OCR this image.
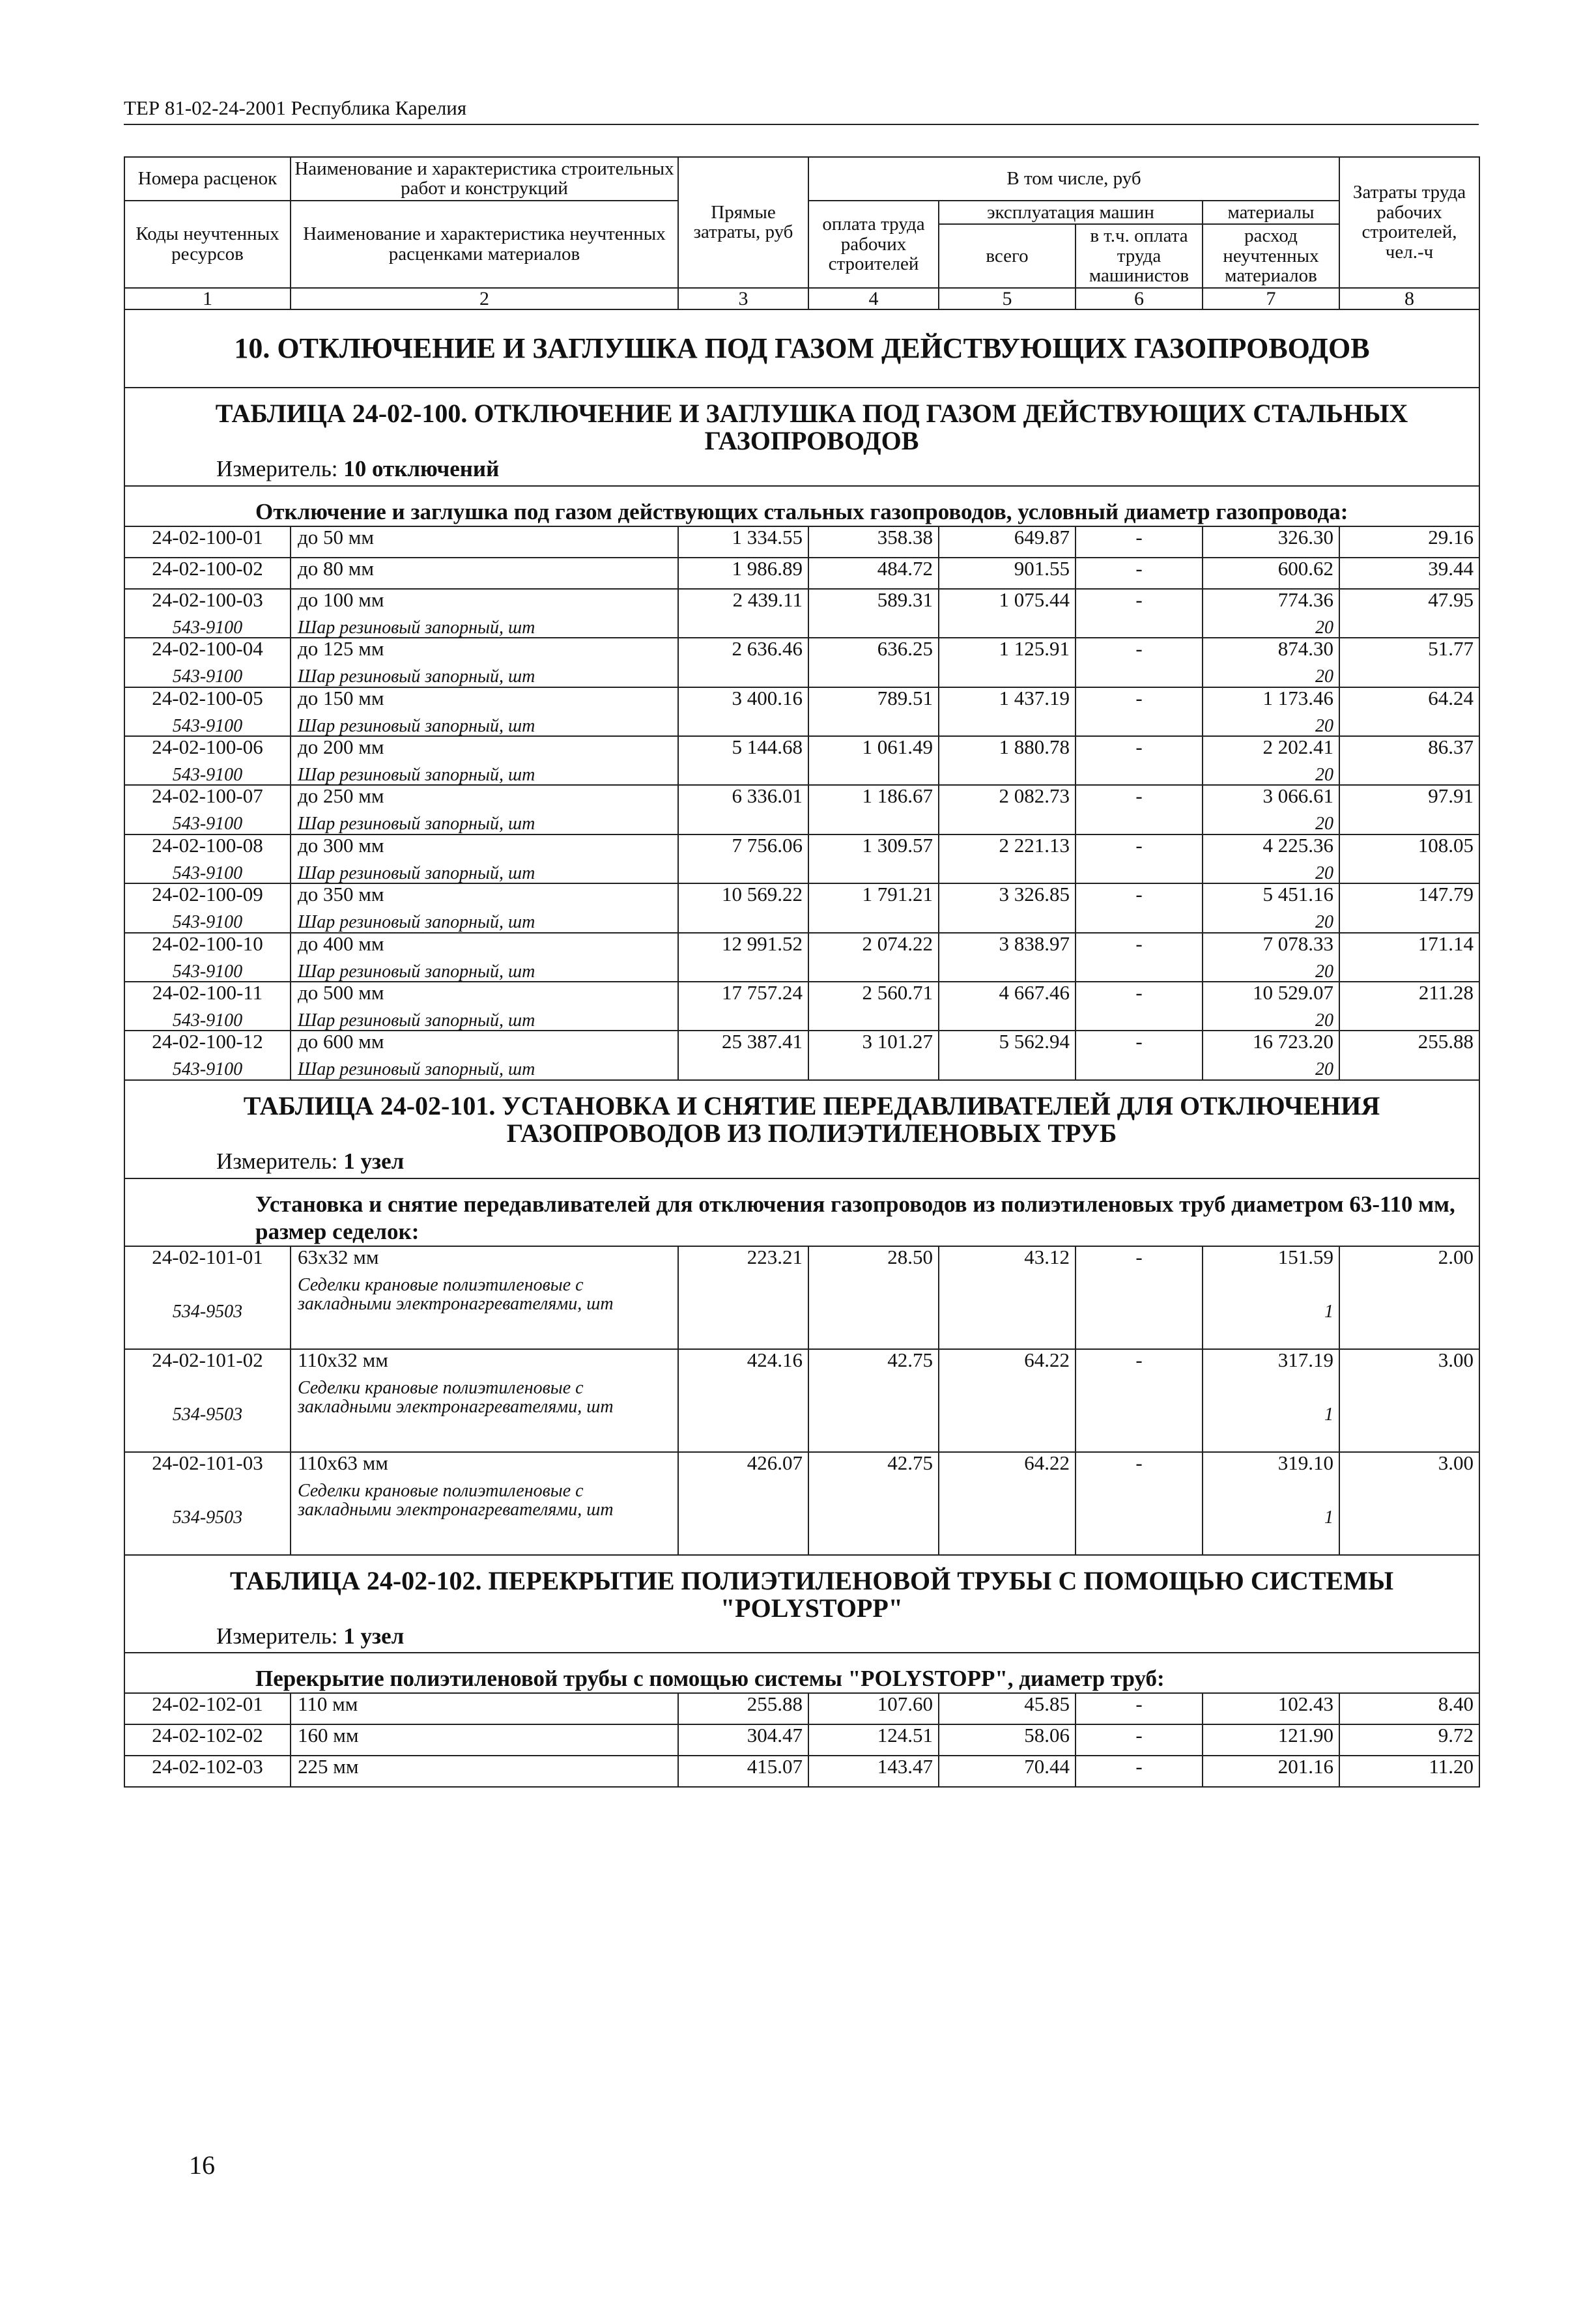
ТЕР 81-02-24-2001 Республика Карелия
Номера расценок	Наименование и характеристика строительных работ и конструкций	Прямые затраты, руб	В том числе, руб				Затраты труда рабочих строителей, чел.-ч
Коды неучтенных ресурсов	Наименование и характеристика неучтенных расценками материалов		оплата труда рабочих строителей	эксплуатация машин		материалы	
				всего	в т.ч. оплата труда машинистов	расход неучтенных материалов	

1	2	3	4	5	6	7	8
10. ОТКЛЮЧЕНИЕ И ЗАГЛУШКА ПОД ГАЗОМ ДЕЙСТВУЮЩИХ ГАЗОПРОВОДОВ							
ТАБЛИЦА 24-02-100. ОТКЛЮЧЕНИЕ И ЗАГЛУШКА ПОД ГАЗОМ ДЕЙСТВУЮЩИХ СТАЛЬНЫХ ГАЗОПРОВОДОВ							
Измеритель: 10 отключений							
Отключение и заглушка под газом действующих стальных газопроводов, условный диаметр газопровода:							
24-02-100-01	до 50 мм	1 334.55	358.38	649.87	-	326.30	29.16
24-02-100-02	до 80 мм	1 986.89	484.72	901.55	-	600.62	39.44
24-02-100-03	до 100 мм	2 439.11	589.31	1 075.44	-	774.36	47.95
543-9100	Шар резиновый запорный, шт					20	
24-02-100-04	до 125 мм	2 636.46	636.25	1 125.91	-	874.30	51.77
543-9100	Шар резиновый запорный, шт					20	
24-02-100-05	до 150 мм	3 400.16	789.51	1 437.19	-	1 173.46	64.24
543-9100	Шар резиновый запорный, шт					20	
24-02-100-06	до 200 мм	5 144.68	1 061.49	1 880.78	-	2 202.41	86.37
543-9100	Шар резиновый запорный, шт					20	
24-02-100-07	до 250 мм	6 336.01	1 186.67	2 082.73	-	3 066.61	97.91
543-9100	Шар резиновый запорный, шт					20	
24-02-100-08	до 300 мм	7 756.06	1 309.57	2 221.13	-	4 225.36	108.05
543-9100	Шар резиновый запорный, шт					20	
24-02-100-09	до 350 мм	10 569.22	1 791.21	3 326.85	-	5 451.16	147.79
543-9100	Шар резиновый запорный, шт					20	
24-02-100-10	до 400 мм	12 991.52	2 074.22	3 838.97	-	7 078.33	171.14
543-9100	Шар резиновый запорный, шт					20	
24-02-100-11	до 500 мм	17 757.24	2 560.71	4 667.46	-	10 529.07	211.28
543-9100	Шар резиновый запорный, шт					20	
24-02-100-12	до 600 мм	25 387.41	3 101.27	5 562.94	-	16 723.20	255.88
543-9100	Шар резиновый запорный, шт					20	
ТАБЛИЦА 24-02-101. УСТАНОВКА И СНЯТИЕ ПЕРЕДАВЛИВАТЕЛЕЙ ДЛЯ ОТКЛЮЧЕНИЯ ГАЗОПРОВОДОВ ИЗ ПОЛИЭТИЛЕНОВЫХ ТРУБ							
Измеритель: 1 узел							
Установка и снятие передавливателей для отключения газопроводов из полиэтиленовых труб диаметром 63-110 мм, размер седелок:							
24-02-101-01	63x32 мм	223.21	28.50	43.12	-	151.59	2.00
534-9503	Седелки крановые полиэтиленовые с закладными электронагревателями, шт					1	
24-02-101-02	110x32 мм	424.16	42.75	64.22	-	317.19	3.00
534-9503	Седелки крановые полиэтиленовые с закладными электронагревателями, шт					1	
24-02-101-03	110x63 мм	426.07	42.75	64.22	-	319.10	3.00
534-9503	Седелки крановые полиэтиленовые с закладными электронагревателями, шт					1	
ТАБЛИЦА 24-02-102. ПЕРЕКРЫТИЕ ПОЛИЭТИЛЕНОВОЙ ТРУБЫ С ПОМОЩЬЮ СИСТЕМЫ "POLYSTOPP"							
Измеритель: 1 узел							
Перекрытие полиэтиленовой трубы с помощью системы "POLYSTOPP", диаметр труб:							
24-02-102-01	110 мм	255.88	107.60	45.85	-	102.43	8.40
24-02-102-02	160 мм	304.47	124.51	58.06	-	121.90	9.72
24-02-102-03	225 мм	415.07	143.47	70.44	-	201.16	11.20
16
